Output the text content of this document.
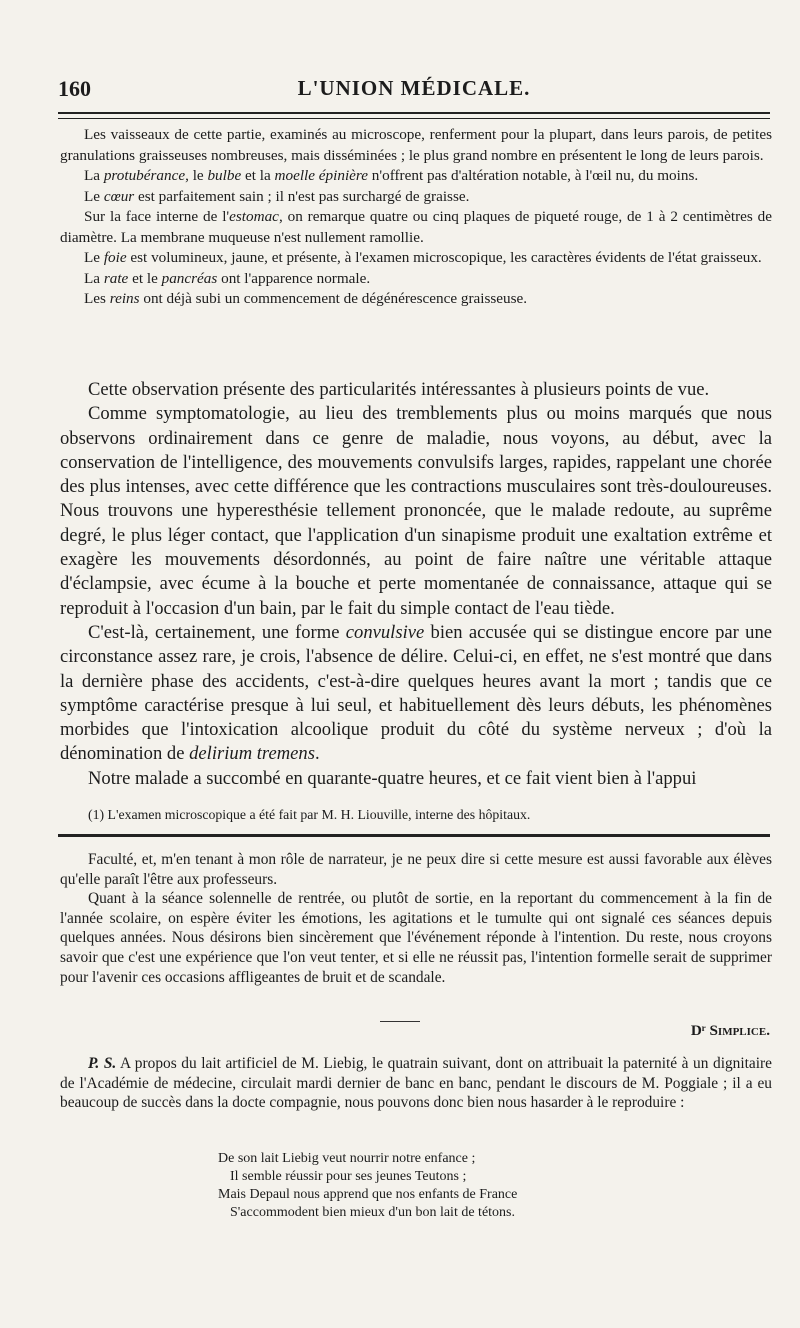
160	L'UNION MÉDICALE.

Les vaisseaux de cette partie, examinés au microscope, renferment pour la plupart, dans leurs parois, de petites granulations graisseuses nombreuses, mais disséminées ; le plus grand nombre en présentent le long de leurs parois.

La protubérance, le bulbe et la moelle épinière n'offrent pas d'altération notable, à l'œil nu, du moins.

Le cœur est parfaitement sain ; il n'est pas surchargé de graisse.

Sur la face interne de l'estomac, on remarque quatre ou cinq plaques de piqueté rouge, de 1 à 2 centimètres de diamètre. La membrane muqueuse n'est nullement ramollie.

Le foie est volumineux, jaune, et présente, à l'examen microscopique, les caractères évidents de l'état graisseux.

La rate et le pancréas ont l'apparence normale.

Les reins ont déjà subi un commencement de dégénérescence graisseuse.

Cette observation présente des particularités intéressantes à plusieurs points de vue.

Comme symptomatologie, au lieu des tremblements plus ou moins marqués que nous observons ordinairement dans ce genre de maladie, nous voyons, au début, avec la conservation de l'intelligence, des mouvements convulsifs larges, rapides, rappelant une chorée des plus intenses, avec cette différence que les contractions musculaires sont très-douloureuses. Nous trouvons une hyperesthésie tellement prononcée, que le malade redoute, au suprême degré, le plus léger contact, que l'application d'un sinapisme produit une exaltation extrême et exagère les mouvements désordonnés, au point de faire naître une véritable attaque d'éclampsie, avec écume à la bouche et perte momentanée de connaissance, attaque qui se reproduit à l'occasion d'un bain, par le fait du simple contact de l'eau tiède.

C'est-là, certainement, une forme convulsive bien accusée qui se distingue encore par une circonstance assez rare, je crois, l'absence de délire. Celui-ci, en effet, ne s'est montré que dans la dernière phase des accidents, c'est-à-dire quelques heures avant la mort ; tandis que ce symptôme caractérise presque à lui seul, et habituellement dès leurs débuts, les phénomènes morbides que l'intoxication alcoolique produit du côté du système nerveux ; d'où la dénomination de delirium tremens.

Notre malade a succombé en quarante-quatre heures, et ce fait vient bien à l'appui

(1) L'examen microscopique a été fait par M. H. Liouville, interne des hôpitaux.

Faculté, et, m'en tenant à mon rôle de narrateur, je ne peux dire si cette mesure est aussi favorable aux élèves qu'elle paraît l'être aux professeurs.

Quant à la séance solennelle de rentrée, ou plutôt de sortie, en la reportant du commencement à la fin de l'année scolaire, on espère éviter les émotions, les agitations et le tumulte qui ont signalé ces séances depuis quelques années. Nous désirons bien sincèrement que l'événement réponde à l'intention. Du reste, nous croyons savoir que c'est une expérience que l'on veut tenter, et si elle ne réussit pas, l'intention formelle serait de supprimer pour l'avenir ces occasions affligeantes de bruit et de scandale.

Dʳ Simplice.

P. S. A propos du lait artificiel de M. Liebig, le quatrain suivant, dont on attribuait la paternité à un dignitaire de l'Académie de médecine, circulait mardi dernier de banc en banc, pendant le discours de M. Poggiale ; il a eu beaucoup de succès dans la docte compagnie, nous pouvons donc bien nous hasarder à le reproduire :

De son lait Liebig veut nourrir notre enfance ;
Il semble réussir pour ses jeunes Teutons ;
Mais Depaul nous apprend que nos enfants de France
S'accommodent bien mieux d'un bon lait de tétons.
